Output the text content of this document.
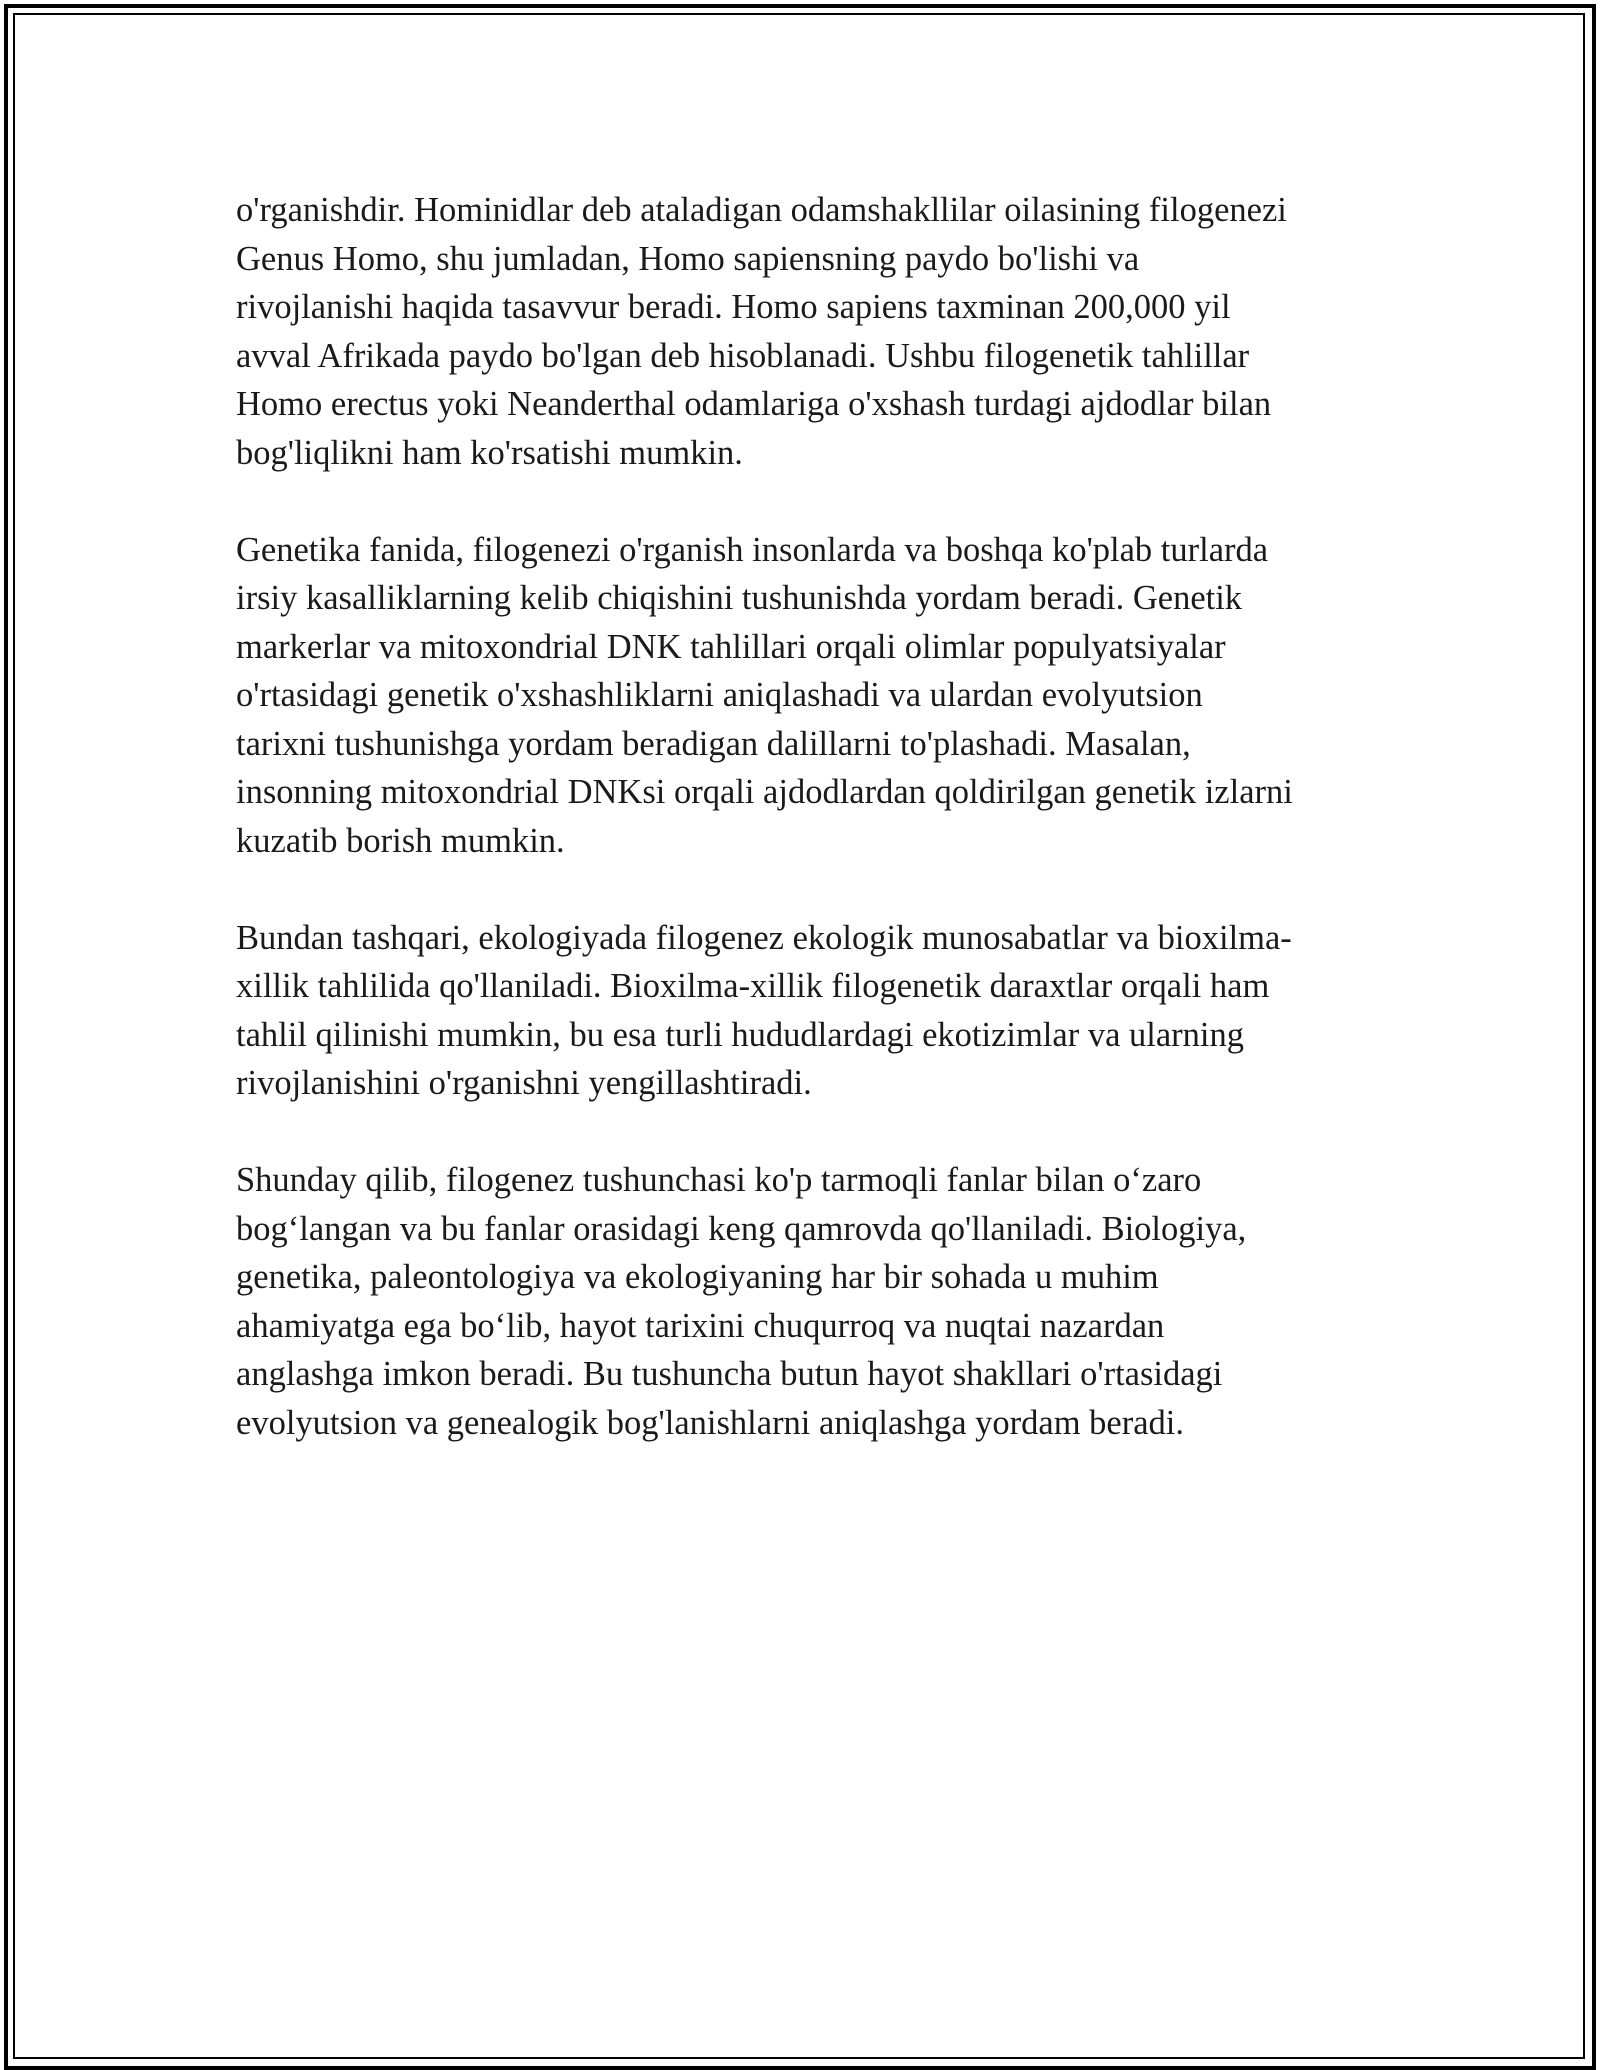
o'rganishdir. Hominidlar deb ataladigan odamshakllilar oilasining filogenezi
Genus Homo, shu jumladan, Homo sapiensning paydo bo'lishi va
rivojlanishi haqida tasavvur beradi. Homo sapiens taxminan 200,000 yil
avval Afrikada paydo bo'lgan deb hisoblanadi. Ushbu filogenetik tahlillar
Homo erectus yoki Neanderthal odamlariga o'xshash turdagi ajdodlar bilan
bog'liqlikni ham ko'rsatishi mumkin.

Genetika fanida, filogenezi o'rganish insonlarda va boshqa ko'plab turlarda
irsiy kasalliklarning kelib chiqishini tushunishda yordam beradi. Genetik
markerlar va mitoxondrial DNK tahlillari orqali olimlar populyatsiyalar
o'rtasidagi genetik o'xshashliklarni aniqlashadi va ulardan evolyutsion
tarixni tushunishga yordam beradigan dalillarni to'plashadi. Masalan,
insonning mitoxondrial DNKsi orqali ajdodlardan qoldirilgan genetik izlarni
kuzatib borish mumkin.

Bundan tashqari, ekologiyada filogenez ekologik munosabatlar va bioxilma-
xillik tahlilida qo'llaniladi. Bioxilma-xillik filogenetik daraxtlar orqali ham
tahlil qilinishi mumkin, bu esa turli hududlardagi ekotizimlar va ularning
rivojlanishini o'rganishni yengillashtiradi.

Shunday qilib, filogenez tushunchasi ko'p tarmoqli fanlar bilan o‘zaro
bog‘langan va bu fanlar orasidagi keng qamrovda qo'llaniladi. Biologiya,
genetika, paleontologiya va ekologiyaning har bir sohada u muhim
ahamiyatga ega bo‘lib, hayot tarixini chuqurroq va nuqtai nazardan
anglashga imkon beradi. Bu tushuncha butun hayot shakllari o'rtasidagi
evolyutsion va genealogik bog'lanishlarni aniqlashga yordam beradi.
